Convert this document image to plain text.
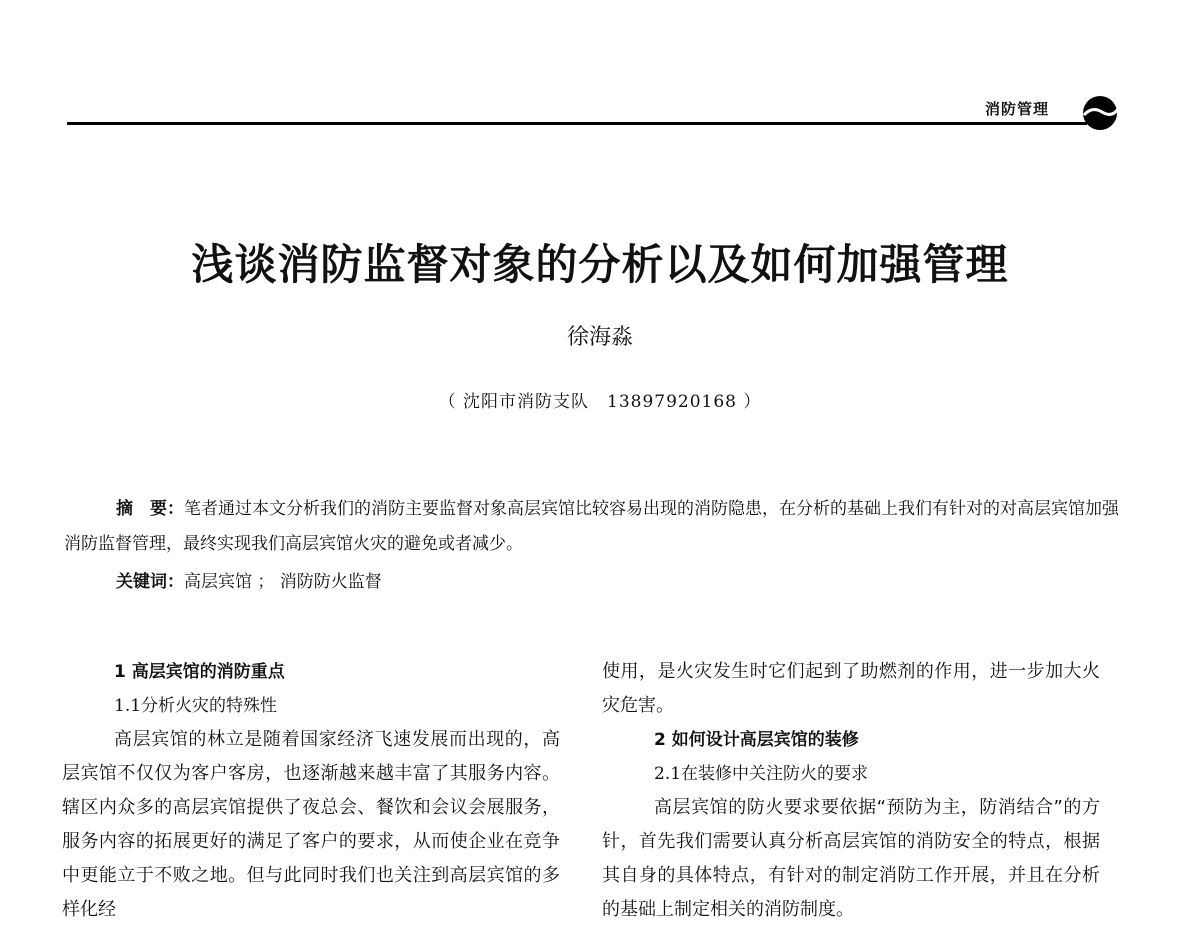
消防管理
浅谈消防监督对象的分析以及如何加强管理
徐海淼
（ 沈阳市消防支队　13897920168 ）
摘　要：笔者通过本文分析我们的消防主要监督对象高层宾馆比较容易出现的消防隐患，在分析的基础上我们有针对的对高层宾馆加强消防监督管理，最终实现我们高层宾馆火灾的避免或者减少。
关键词：高层宾馆 ； 消防防火监督
1 高层宾馆的消防重点
1.1分析火灾的特殊性

高层宾馆的林立是随着国家经济飞速发展而出现的，高层宾馆不仅仅为客户客房，也逐渐越来越丰富了其服务内容。辖区内众多的高层宾馆提供了夜总会、餐饮和会议会展服务，服务内容的拓展更好的满足了客户的要求，从而使企业在竞争中更能立于不败之地。但与此同时我们也关注到高层宾馆的多样化经

使用，是火灾发生时它们起到了助燃剂的作用，进一步加大火灾危害。

2 如何设计高层宾馆的装修
2.1在装修中关注防火的要求

高层宾馆的防火要求要依据“预防为主，防消结合”的方针，首先我们需要认真分析高层宾馆的消防安全的特点，根据其自身的具体特点，有针对的制定消防工作开展，并且在分析的基础上制定相关的消防制度。
